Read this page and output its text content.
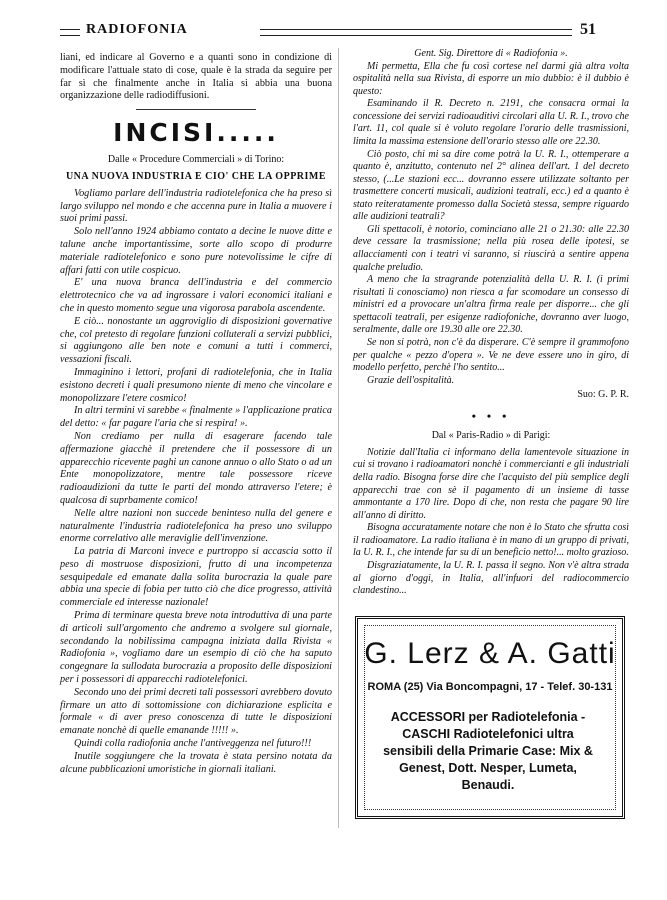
RADIOFONIA	51

liani, ed indicare al Governo e a quanti sono in condizione di modificare l'attuale stato di cose, quale è la strada da seguire per far sì che finalmente anche in Italia si abbia una buona organizzazione delle radiodiffusioni.

INCISI.....
Dalle « Procedure Commerciali » di Torino:
UNA NUOVA INDUSTRIA E CIO' CHE LA OPPRIME

Vogliamo parlare dell'industria radiotelefonica che ha preso sì largo sviluppo nel mondo e che accenna pure in Italia a muovere i suoi primi passi.

Solo nell'anno 1924 abbiamo contato a decine le nuove ditte e talune anche importantissime, sorte allo scopo di produrre materiale radiotelefonico e sono pure notevolissime le cifre di affari fatti con utile cospicuo.

E' una nuova branca dell'industria e del commercio elettrotecnico che va ad ingrossare i valori economici italiani e che in questo momento segue una vigorosa parabola ascendente.

E ciò... nonostante un aggroviglio di disposizioni governative che, col pretesto di regolare funzioni colluterali a servizi pubblici, si aggiungono alle ben note e comuni a tutti i commerci, vessazioni fiscali.

Immaginino i lettori, profani di radiotelefonia, che in Italia esistono decreti i quali presumono niente di meno che vincolare e monopolizzare l'etere cosmico!

In altri termini vi sarebbe « finalmente » l'applicazione pratica del detto: « far pagare l'aria che si respira! ».

Non crediamo per nulla di esagerare facendo tale affermazione giacchè il pretendere che il possessore di un apparecchio ricevente paghi un canone annuo o allo Stato o ad un Ente monopolizzatore, mentre tale possessore riceve radioaudizioni da tutte le parti del mondo attraverso l'etere; è qualcosa di suprbamente comico!

Nelle altre nazioni non succede beninteso nulla del genere e naturalmente l'industria radiotelefonica ha preso uno sviluppo enorme correlativo alle meraviglie dell'invenzione.

La patria di Marconi invece e purtroppo si accascia sotto il peso di mostruose disposizioni, frutto di una incompetenza sesquipedale ed emanate dalla solita burocrazia la quale pare abbia una specie di fobia per tutto ciò che dice progresso, attività commerciale ed interesse nazionale!

Prima di terminare questa breve nota introduttiva di una parte di articoli sull'argomento che andremo a svolgere sul giornale, secondando la nobilissima campagna iniziata dalla Rivista « Radiofonia », vogliamo dare un esempio di ciò che ha saputo congegnare la sullodata burocrazia a proposito delle disposizioni per i possessori di apparecchi radiotelefonici.

Secondo uno dei primi decreti tali possessori avrebbero dovuto firmare un atto di sottomissione con dichiarazione esplicita e formale « di aver preso conoscenza di tutte le disposizioni emanate nonchè di quelle emanande !!!!! ».

Quindi colla radiofonia anche l'antiveggenza nel futuro!!!

Inutile soggiungere che la trovata è stata persino notata da alcune pubblicazioni umoristiche in giornali italiani.

Gent. Sig. Direttore di « Radiofonia ».

Mi permetta, Ella che fu così cortese nel darmi già altra volta ospitalità nella sua Rivista, di esporre un mio dubbio: è il dubbio è questo:

Esaminando il R. Decreto n. 2191, che consacra ormai la concessione dei servizi radioauditivi circolari alla U. R. I., trovo che l'art. 11, col quale si è voluto regolare l'orario delle trasmissioni, limita la massima estensione dell'orario stesso alle ore 22.30.

Ciò posto, chi mi sa dire come potrà la U. R. I., ottemperare a quanto è, anzitutto, contenuto nel 2° alinea dell'art. 1 del decreto stesso, (...Le stazioni ecc... dovranno essere utilizzate soltanto per trasmettere concerti musicali, audizioni teatrali, ecc.) ed a quanto è stato reiteratamente promesso dalla Società stessa, sempre riguardo alle audizioni teatrali?

Gli spettacoli, è notorio, cominciano alle 21 o 21.30: alle 22.30 deve cessare la trasmissione; nella più rosea delle ipotesi, se allacciamenti con i teatri vi saranno, si riuscirà a sentire appena qualche preludio.

A meno che la stragrande potenzialità della U. R. I. (i primi risultati li conosciamo) non riesca a far scomodare un consesso di ministri ed a provocare un'altra firma reale per disporre... che gli spettacoli teatrali, per esigenze radiofoniche, dovranno aver luogo, seralmente, dalle ore 19.30 alle ore 22.30.

Se non si potrà, non c'è da disperare. C'è sempre il grammofono per qualche « pezzo d'opera ». Ve ne deve essere uno in giro, di modello perfetto, perchè l'ho sentito...

Grazie dell'ospitalità.

Suo: G. P. R.
• • •
Dal « Paris-Radio » di Parigi:

Notizie dall'Italia ci informano della lamentevole situazione in cui si trovano i radioamatori nonchè i commercianti e gli industriali della radio. Bisogna forse dire che l'acquisto del più semplice degli apparecchi trae con sè il pagamento di un insieme di tasse ammontante a 170 lire. Dopo di che, non resta che pagare 90 lire all'anno di diritto.

Bisogna accuratamente notare che non è lo Stato che sfrutta così il radioamatore. La radio italiana è in mano di un gruppo di privati, la U. R. I., che intende far su di un beneficio netto!... molto grazioso.

Disgraziatamente, la U. R. I. passa il segno. Non v'è altra strada al giorno d'oggi, in Italia, all'infuori del radiocommercio clandestino...

G. Lerz & A. Gatti
ROMA (25) Via Boncompagni, 17 - Telef. 30-131
ACCESSORI per Radiotelefonia - CASCHI Radiotelefonici ultra sensibili della Primarie Case: Mix & Genest, Dott. Nesper, Lumeta, Benaudi.
